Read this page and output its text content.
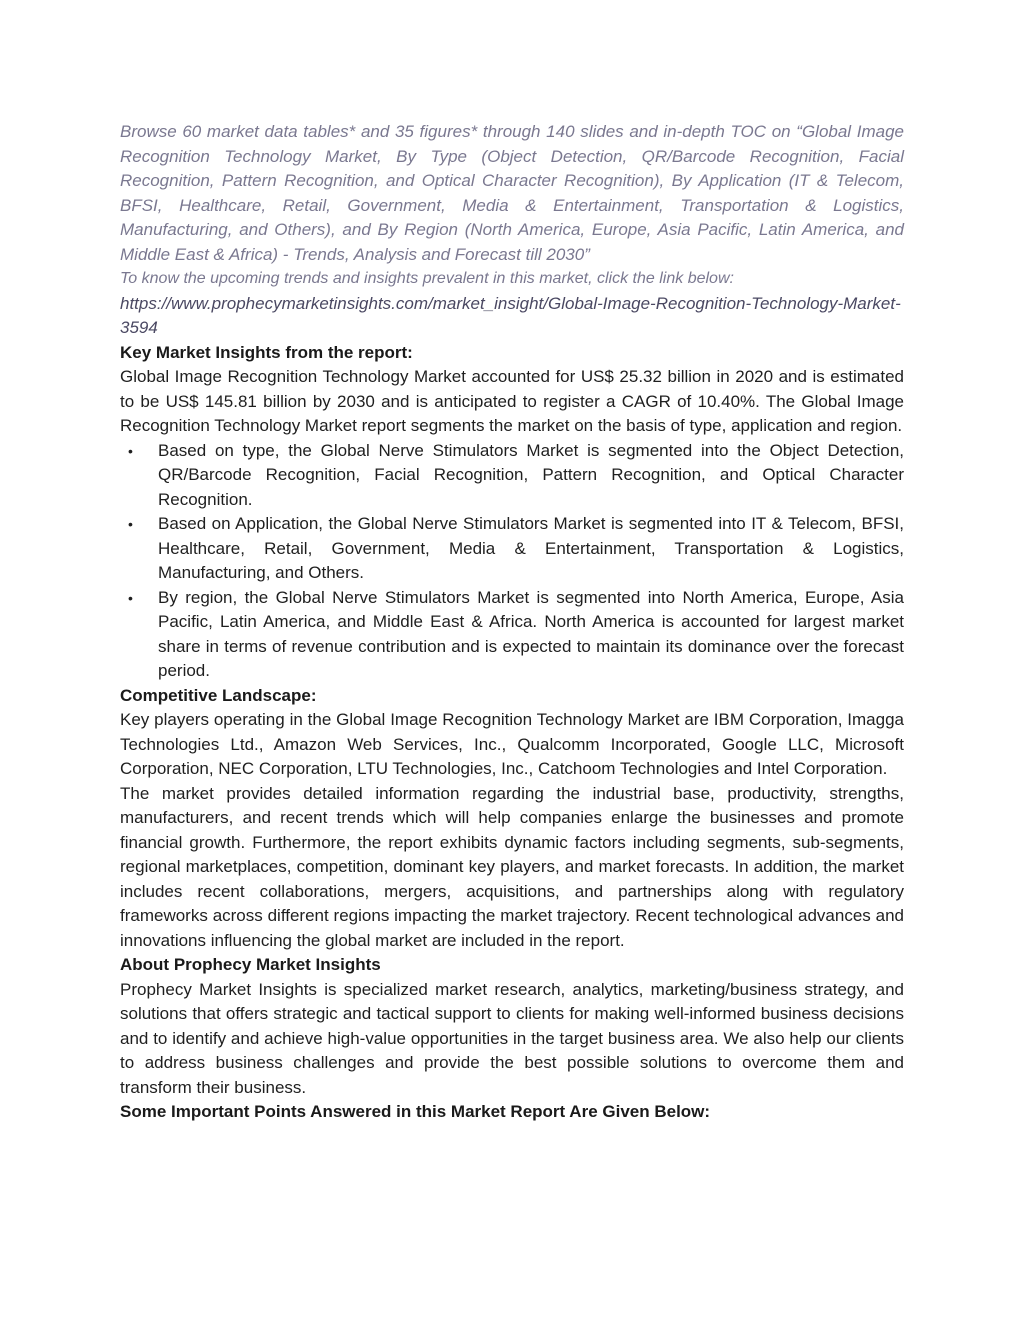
Browse 60 market data tables* and 35 figures* through 140 slides and in-depth TOC on “Global Image Recognition Technology Market, By Type (Object Detection, QR/Barcode Recognition, Facial Recognition, Pattern Recognition, and Optical Character Recognition), By Application (IT & Telecom, BFSI, Healthcare, Retail, Government, Media & Entertainment, Transportation & Logistics, Manufacturing, and Others), and By Region (North America, Europe, Asia Pacific, Latin America, and Middle East & Africa) - Trends, Analysis and Forecast till 2030”

To know the upcoming trends and insights prevalent in this market, click the link below:

https://www.prophecymarketinsights.com/market_insight/Global-Image-Recognition-Technology-Market-3594

Key Market Insights from the report:

Global Image Recognition Technology Market accounted for US$ 25.32 billion in 2020 and is estimated to be US$ 145.81 billion by 2030 and is anticipated to register a CAGR of 10.40%. The Global Image Recognition Technology Market report segments the market on the basis of type, application and region.

• Based on type, the Global Nerve Stimulators Market is segmented into the Object Detection, QR/Barcode Recognition, Facial Recognition, Pattern Recognition, and Optical Character Recognition.
• Based on Application, the Global Nerve Stimulators Market is segmented into IT & Telecom, BFSI, Healthcare, Retail, Government, Media & Entertainment, Transportation & Logistics, Manufacturing, and Others.
• By region, the Global Nerve Stimulators Market is segmented into North America, Europe, Asia Pacific, Latin America, and Middle East & Africa. North America is accounted for largest market share in terms of revenue contribution and is expected to maintain its dominance over the forecast period.

Competitive Landscape:

Key players operating in the Global Image Recognition Technology Market are IBM Corporation, Imagga Technologies Ltd., Amazon Web Services, Inc., Qualcomm Incorporated, Google LLC, Microsoft Corporation, NEC Corporation, LTU Technologies, Inc., Catchoom Technologies and Intel Corporation.

The market provides detailed information regarding the industrial base, productivity, strengths, manufacturers, and recent trends which will help companies enlarge the businesses and promote financial growth. Furthermore, the report exhibits dynamic factors including segments, sub-segments, regional marketplaces, competition, dominant key players, and market forecasts. In addition, the market includes recent collaborations, mergers, acquisitions, and partnerships along with regulatory frameworks across different regions impacting the market trajectory. Recent technological advances and innovations influencing the global market are included in the report.

About Prophecy Market Insights

Prophecy Market Insights is specialized market research, analytics, marketing/business strategy, and solutions that offers strategic and tactical support to clients for making well-informed business decisions and to identify and achieve high-value opportunities in the target business area. We also help our clients to address business challenges and provide the best possible solutions to overcome them and transform their business.

Some Important Points Answered in this Market Report Are Given Below:
